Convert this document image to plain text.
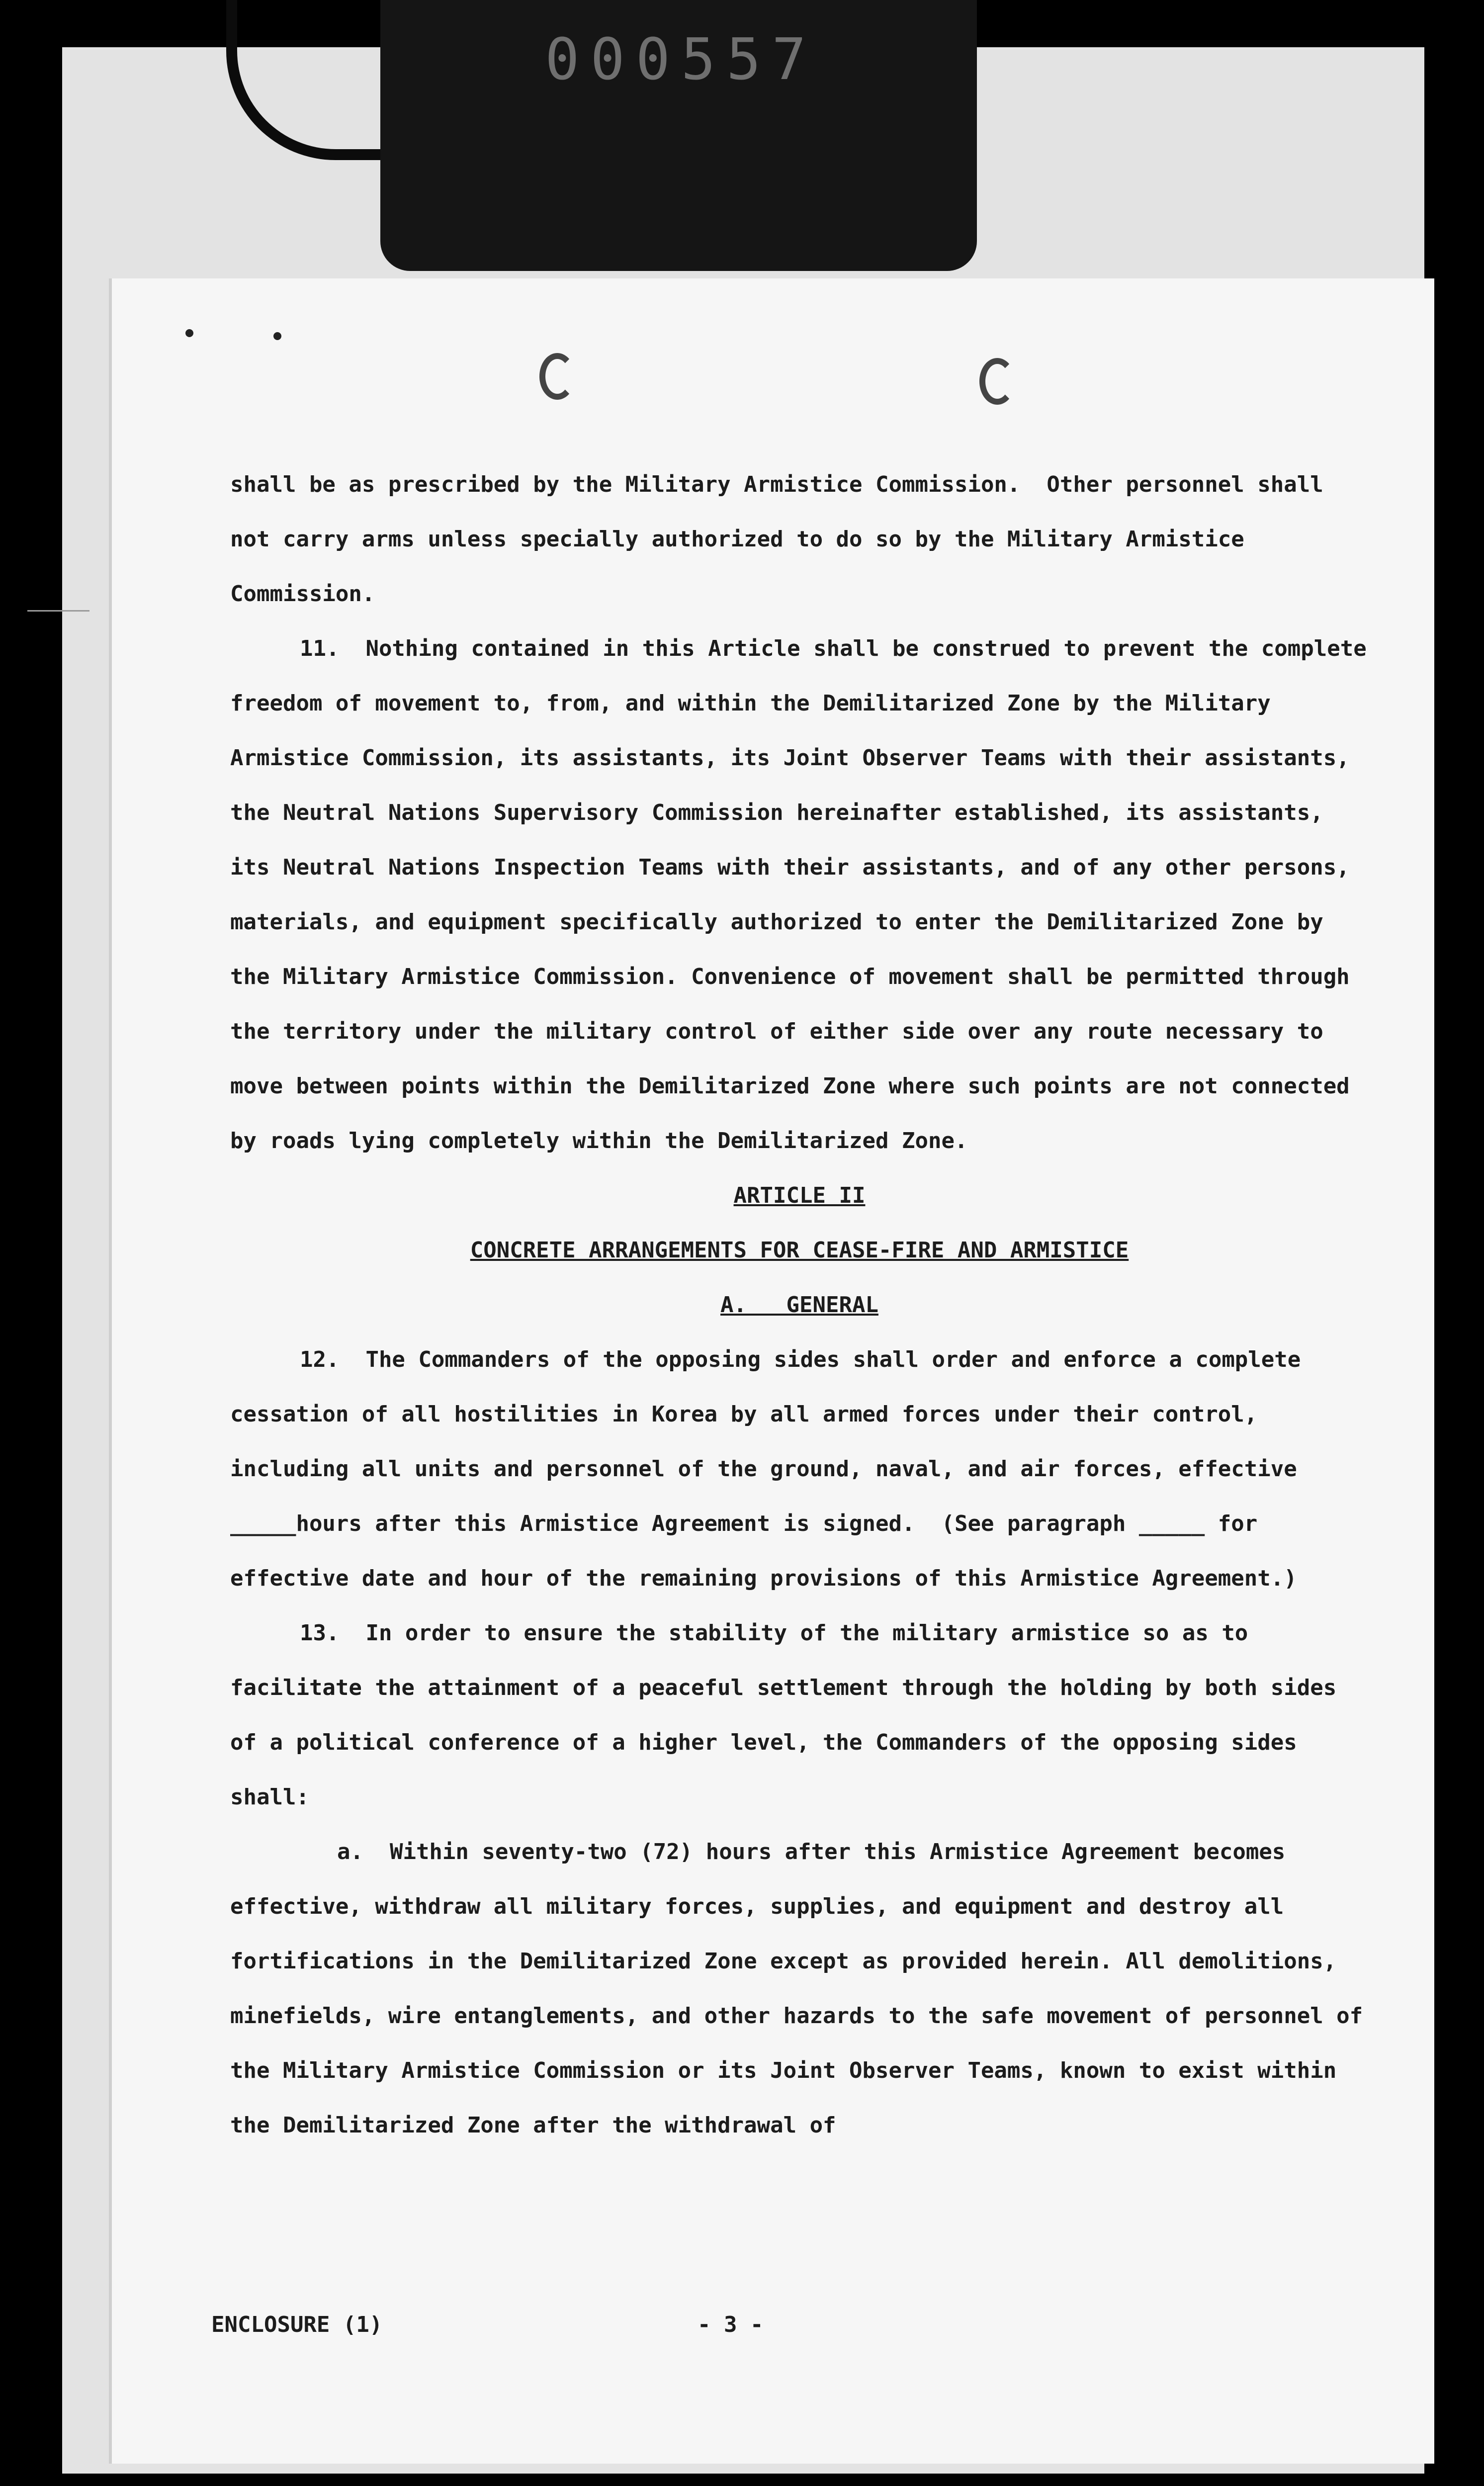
000557

shall be as prescribed by the Military Armistice Commission.  Other personnel shall not carry arms unless specially authorized to do so by the Military Armistice Commission.

11.  Nothing contained in this Article shall be construed to prevent the complete freedom of movement to, from, and within the Demilitarized Zone by the Military Armistice Commission, its assistants, its Joint Observer Teams with their assistants, the Neutral Nations Supervisory Commission hereinafter established, its assistants, its Neutral Nations Inspection Teams with their assistants, and of any other persons, materials, and equipment specifically authorized to enter the Demilitarized Zone by the Military Armistice Commission. Convenience of movement shall be permitted through the territory under the military control of either side over any route necessary to move between points within the Demilitarized Zone where such points are not connected by roads lying completely within the Demilitarized Zone.

ARTICLE II

CONCRETE ARRANGEMENTS FOR CEASE-FIRE AND ARMISTICE

A.   GENERAL

12.  The Commanders of the opposing sides shall order and enforce a complete cessation of all hostilities in Korea by all armed forces under their control, including all units and personnel of the ground, naval, and air forces, effective _____hours after this Armistice Agreement is signed.  (See paragraph _____ for effective date and hour of the remaining provisions of this Armistice Agreement.)

13.  In order to ensure the stability of the military armistice so as to facilitate the attainment of a peaceful settlement through the holding by both sides of a political conference of a higher level, the Commanders of the opposing sides shall:

a.  Within seventy-two (72) hours after this Armistice Agreement becomes effective, withdraw all military forces, supplies, and equipment and destroy all fortifications in the Demilitarized Zone except as provided herein. All demolitions, minefields, wire entanglements, and other hazards to the safe movement of personnel of the Military Armistice Commission or its Joint Observer Teams, known to exist within the Demilitarized Zone after the withdrawal of

ENCLOSURE (1)	- 3 -
